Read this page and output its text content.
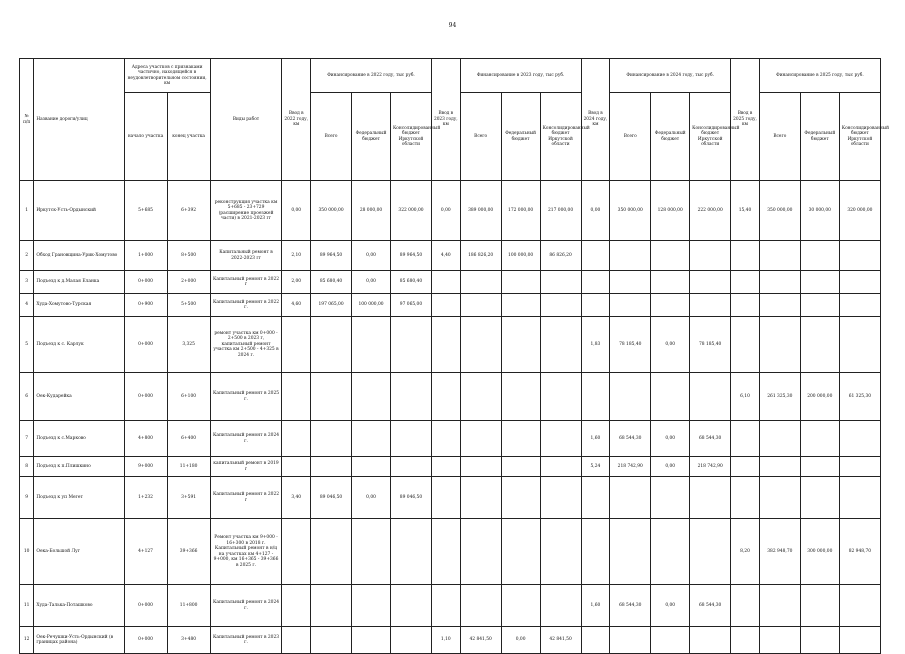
94
№ п/п	Название дороги/улиц	Адреса участков с признаками частично, находящейся в неудовлетворительном состоянии, км		Виды работ	Ввод в 2022 году, км	Финансирование в 2022 году, тыс руб.			Ввод в 2023 году, км	Финансирование в 2023 году, тыс руб.			Ввод в 2024 году, км	Финансирование в 2024 году, тыс руб.			Ввод в 2025 году, км	Финансирование в 2025 году, тыс руб.		
		начало участка	конец участка			Всего	Федеральный бюджет	Консолидированный бюджет Иркутской области		Всего	Федеральный бюджет	Консолидированный бюджет Иркутской области		Всего	Федеральный бюджет	Консолидированный бюджет Иркутской области		Всего	Федеральный бюджет	Консолидированный бюджет Иркутской области
1	Иркутск-Усть-Ордынский	5+685	6+392	реконструкция участка км 5+685 - 23+729 (расширение проезжей части) в 2021-2023 гг	0,00	350 000,00	28 000,00	322 000,00	0,00	389 000,00	172 000,00	217 000,00	0,00	350 000,00	128 000,00	222 000,00	15,40	350 000,00	30 000,00	320 000,00
2	Обход Грановщина-Урик-Хомутово	1+000	8+500	Капитальный ремонт в 2022-2023 гг	2,10	89 964,50	0,00	89 964,50	4,40	186 826,20	100 000,00	86 826,20								
3	Подъезд к д.Малая Еланка	0+000	2+000	Капитальный ремонт в 2022 г	2,00	85 680,40	0,00	85 680,40												
4	Худа-Хомутово-Турская	0+900	5+500	Капитальный ремонт в 2022 г.	4,60	197 065,00	100 000,00	97 065,00												
5	Подъезд к с. Карлук	0+000	3,325	ремонт участка км 0+000 - 2+500 в 2023 г, капитальный ремонт участка км 2+500 - 4+325 в 2024 г.									1,83	78 185,40	0,00	78 185,40				
6	Оек-Кударейка	0+000	6+100	Капитальный ремонт в 2025 г.													6,10	261 325,30	200 000,00	61 325,30
7	Подъезд к с.Марково	4+800	6+400	Капитальный ремонт в 2024 г.									1,60	68 544,30	0,00	68 544,30				
8	Подъезд к п.Плишкино	9+000	11+180	капитальный ремонт в 2019 г									5,24	218 742,90	0,00	218 742,90				
9	Подъезд к уп Мегет	1+232	3+591	Капитальный ремонт в 2022 г	3,40	89 046,50	0,00	89 046,50												
10	Оека-Большой Луг	4+127	39+366	Ремонт участка км 9+000 - 16+300 в 2018 г. Капитальный ремонт в н/ц на участках км 4+127 - 9+000, км 16+365 - 39+366 в 2025 г.													8,20	382 948,70	300 000,00	82 948,70
11	Худа-Талька-Поташково	0+000	11+800	Капитальный ремонт в 2024 г.									1,60	68 544,30	0,00	68 544,30				
12	Оек-Речушки-Усть-Ордынский (в границах района)	0+000	3+480	Капитальный ремонт в 2023 г.					1,10	42 841,50	0,00	42 841,50								
